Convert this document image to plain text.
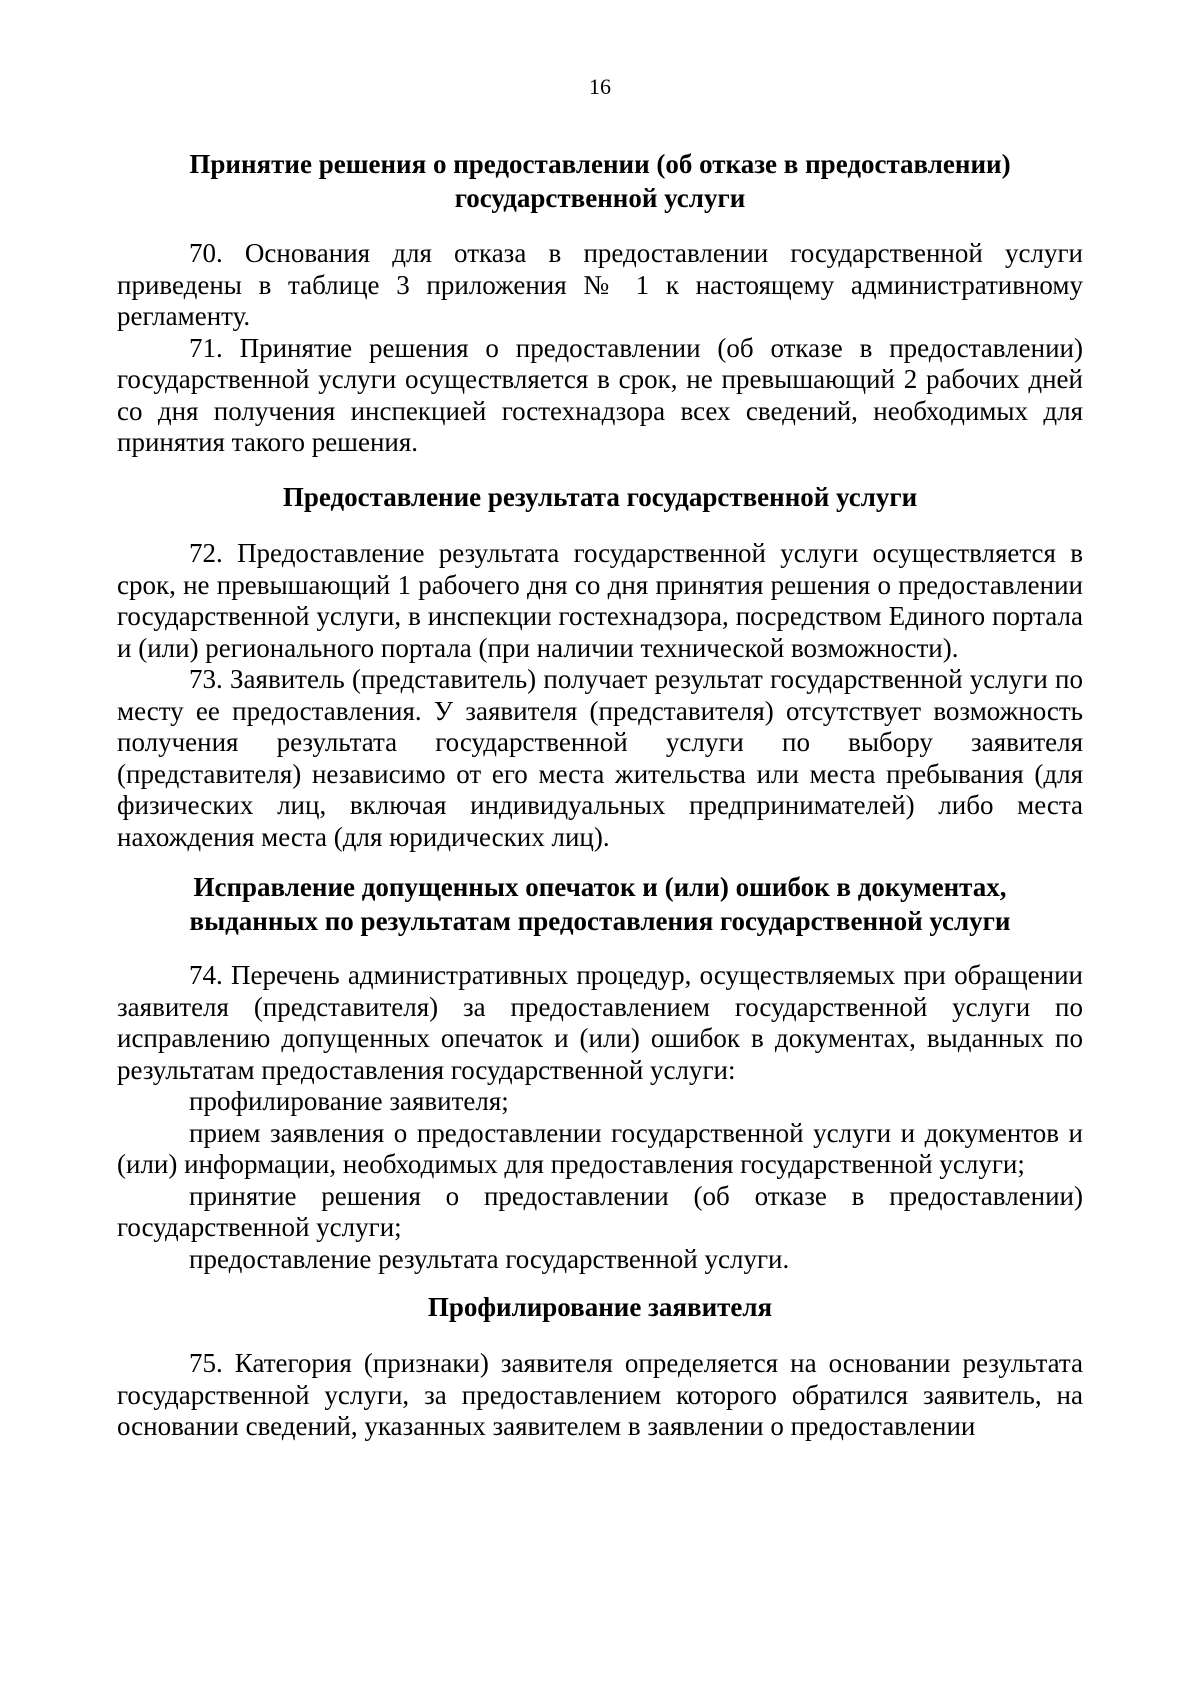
16
Принятие решения о предоставлении (об отказе в предоставлении)
государственной услуги

70. Основания для отказа в предоставлении государственной услуги приведены в таблице 3 приложения № 1 к настоящему административному регламенту.

71. Принятие решения о предоставлении (об отказе в предоставлении) государственной услуги осуществляется в срок, не превышающий 2 рабочих дней со дня получения инспекцией гостехнадзора всех сведений, необходимых для принятия такого решения.

Предоставление результата государственной услуги

72. Предоставление результата государственной услуги осуществляется в срок, не превышающий 1 рабочего дня со дня принятия решения о предоставлении государственной услуги, в инспекции гостехнадзора, посредством Единого портала и (или) регионального портала (при наличии технической возможности).

73. Заявитель (представитель) получает результат государственной услуги по месту ее предоставления. У заявителя (представителя) отсутствует возможность получения результата государственной услуги по выбору заявителя (представителя) независимо от его места жительства или места пребывания (для физических лиц, включая индивидуальных предпринимателей) либо места нахождения места (для юридических лиц).

Исправление допущенных опечаток и (или) ошибок в документах,
выданных по результатам предоставления государственной услуги

74. Перечень административных процедур, осуществляемых при обращении заявителя (представителя) за предоставлением государственной услуги по исправлению допущенных опечаток и (или) ошибок в документах, выданных по результатам предоставления государственной услуги:

профилирование заявителя;

прием заявления о предоставлении государственной услуги и документов и (или) информации, необходимых для предоставления государственной услуги;

принятие решения о предоставлении (об отказе в предоставлении) государственной услуги;

предоставление результата государственной услуги.

Профилирование заявителя

75. Категория (признаки) заявителя определяется на основании результата государственной услуги, за предоставлением которого обратился заявитель, на основании сведений, указанных заявителем в заявлении о предоставлении
